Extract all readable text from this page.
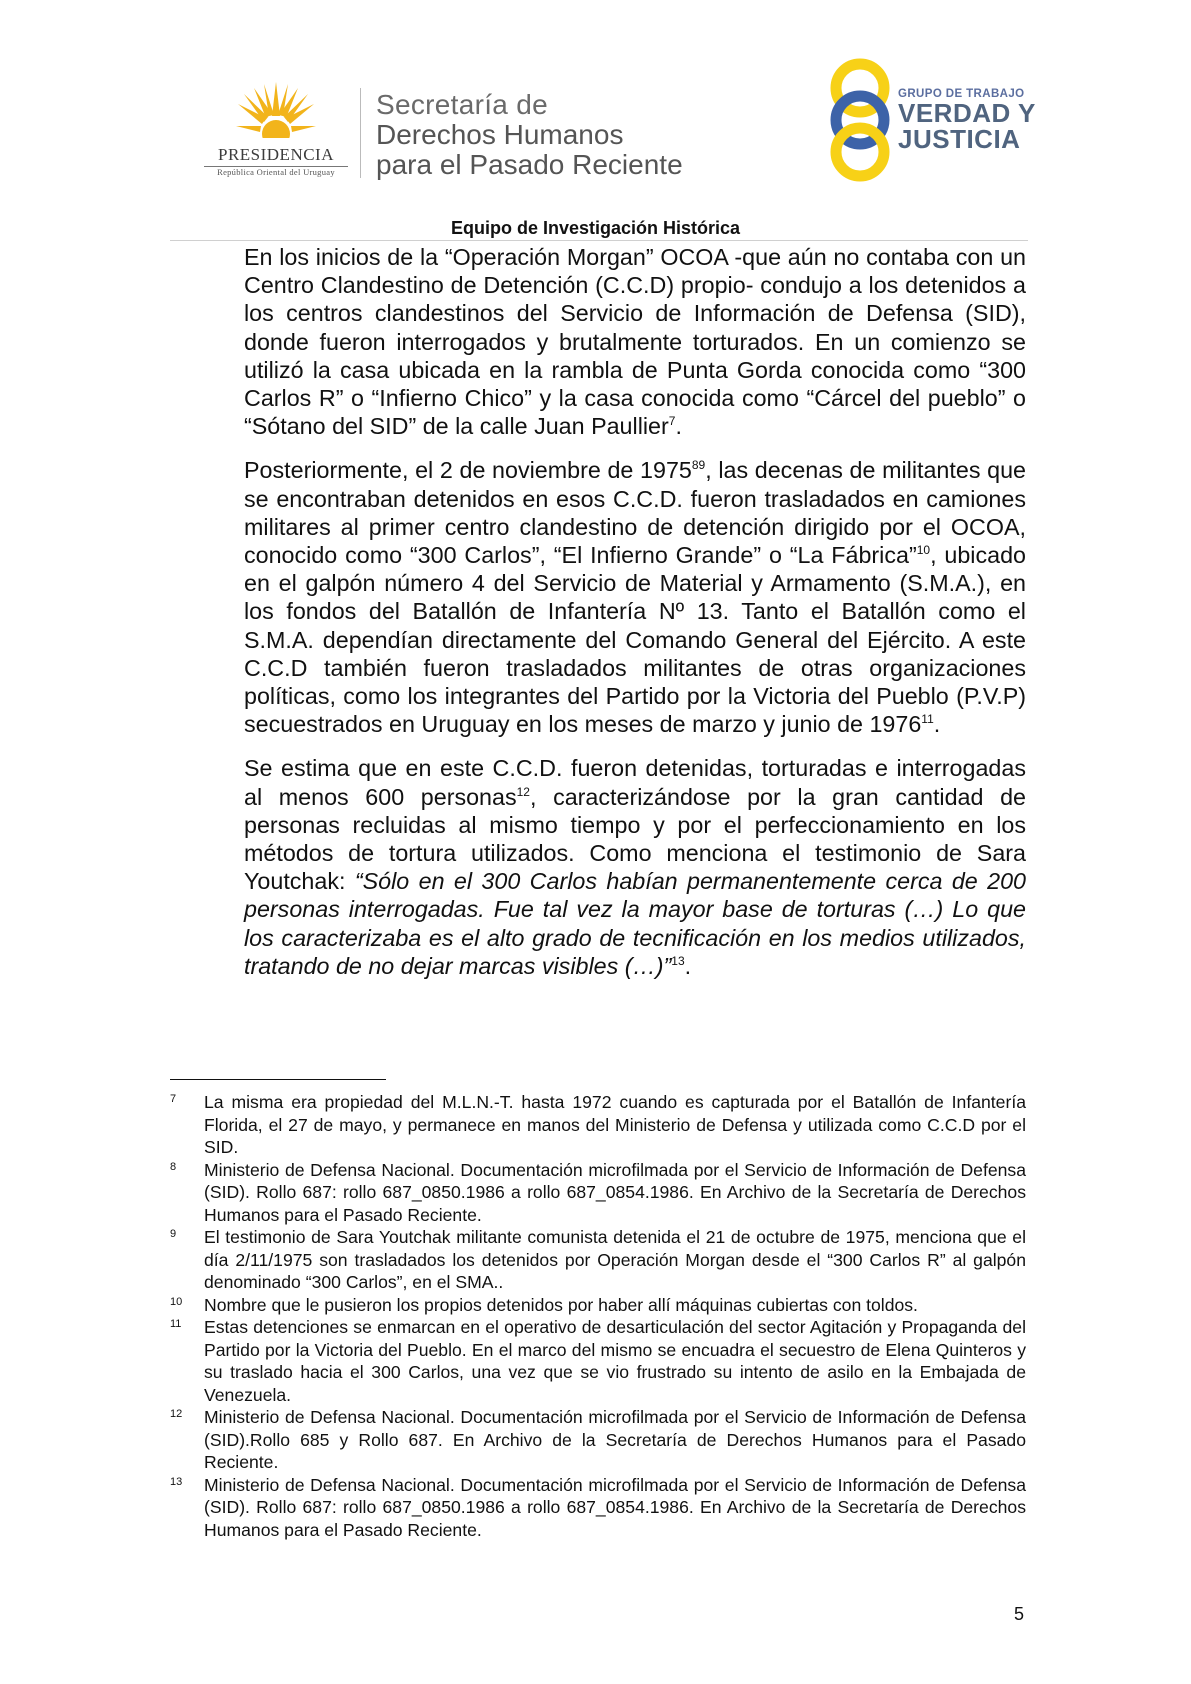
PRESIDENCIA
República Oriental del Uruguay
Secretaría de
Derechos Humanos
para el Pasado Reciente
GRUPO DE TRABAJO
VERDAD Y
JUSTICIA
Equipo de Investigación Histórica

En los inicios de la “Operación Morgan” OCOA -que aún no contaba con un Centro Clandestino de Detención (C.C.D) propio- condujo a los detenidos a los centros clandestinos del Servicio de Información de Defensa (SID), donde fueron interrogados y brutalmente torturados. En un comienzo se utilizó la casa ubicada en la rambla de Punta Gorda conocida como “300 Carlos R” o “Infierno Chico” y la casa conocida como “Cárcel del pueblo” o “Sótano del SID” de la calle Juan Paullier$^7$.

Posteriormente, el 2 de noviembre de 1975$^{89}$, las decenas de militantes que se encontraban detenidos en esos C.C.D. fueron trasladados en camiones militares al primer centro clandestino de detención dirigido por el OCOA, conocido como “300 Carlos”, “El Infierno Grande” o “La Fábrica”$^{10}$, ubicado en el galpón número 4 del Servicio de Material y Armamento (S.M.A.), en los fondos del Batallón de Infantería Nº 13. Tanto el Batallón como el S.M.A. dependían directamente del Comando General del Ejército. A este C.C.D también fueron trasladados militantes de otras organizaciones políticas, como los integrantes del Partido por la Victoria del Pueblo (P.V.P) secuestrados en Uruguay en los meses de marzo y junio de 1976$^{11}$.

Se estima que en este C.C.D. fueron detenidas, torturadas e interrogadas al menos 600 personas$^{12}$, caracterizándose por la gran cantidad de personas recluidas al mismo tiempo y por el perfeccionamiento en los métodos de tortura utilizados. Como menciona el testimonio de Sara Youtchak: “Sólo en el 300 Carlos habían permanentemente cerca de 200 personas interrogadas. Fue tal vez la mayor base de torturas (…) Lo que los caracterizaba es el alto grado de tecnificación en los medios utilizados, tratando de no dejar marcas visibles (…)”$^{13}$.

7	La misma era propiedad del M.L.N.-T. hasta 1972 cuando es capturada por el Batallón de Infantería Florida, el 27 de mayo, y permanece en manos del Ministerio de Defensa y utilizada como C.C.D por el SID.
8	Ministerio de Defensa Nacional. Documentación microfilmada por el Servicio de Información de Defensa (SID). Rollo 687: rollo 687_0850.1986 a rollo 687_0854.1986. En Archivo de la Secretaría de Derechos Humanos para el Pasado Reciente.
9	El testimonio de Sara Youtchak militante comunista detenida el 21 de octubre de 1975, menciona que el día 2/11/1975 son trasladados los detenidos por Operación Morgan desde el “300 Carlos R” al galpón denominado “300 Carlos”, en el SMA..
10	Nombre que le pusieron los propios detenidos por haber allí máquinas cubiertas con toldos.
11	Estas detenciones se enmarcan en el operativo de desarticulación del sector Agitación y Propaganda del Partido por la Victoria del Pueblo. En el marco del mismo se encuadra el secuestro de Elena Quinteros y su traslado hacia el 300 Carlos, una vez que se vio frustrado su intento de asilo en la Embajada de Venezuela.
12	Ministerio de Defensa Nacional. Documentación microfilmada por el Servicio de Información de Defensa (SID).Rollo 685 y Rollo 687. En Archivo de la Secretaría de Derechos Humanos para el Pasado Reciente.
13	Ministerio de Defensa Nacional. Documentación microfilmada por el Servicio de Información de Defensa (SID). Rollo 687: rollo 687_0850.1986 a rollo 687_0854.1986. En Archivo de la Secretaría de Derechos Humanos para el Pasado Reciente.
5
